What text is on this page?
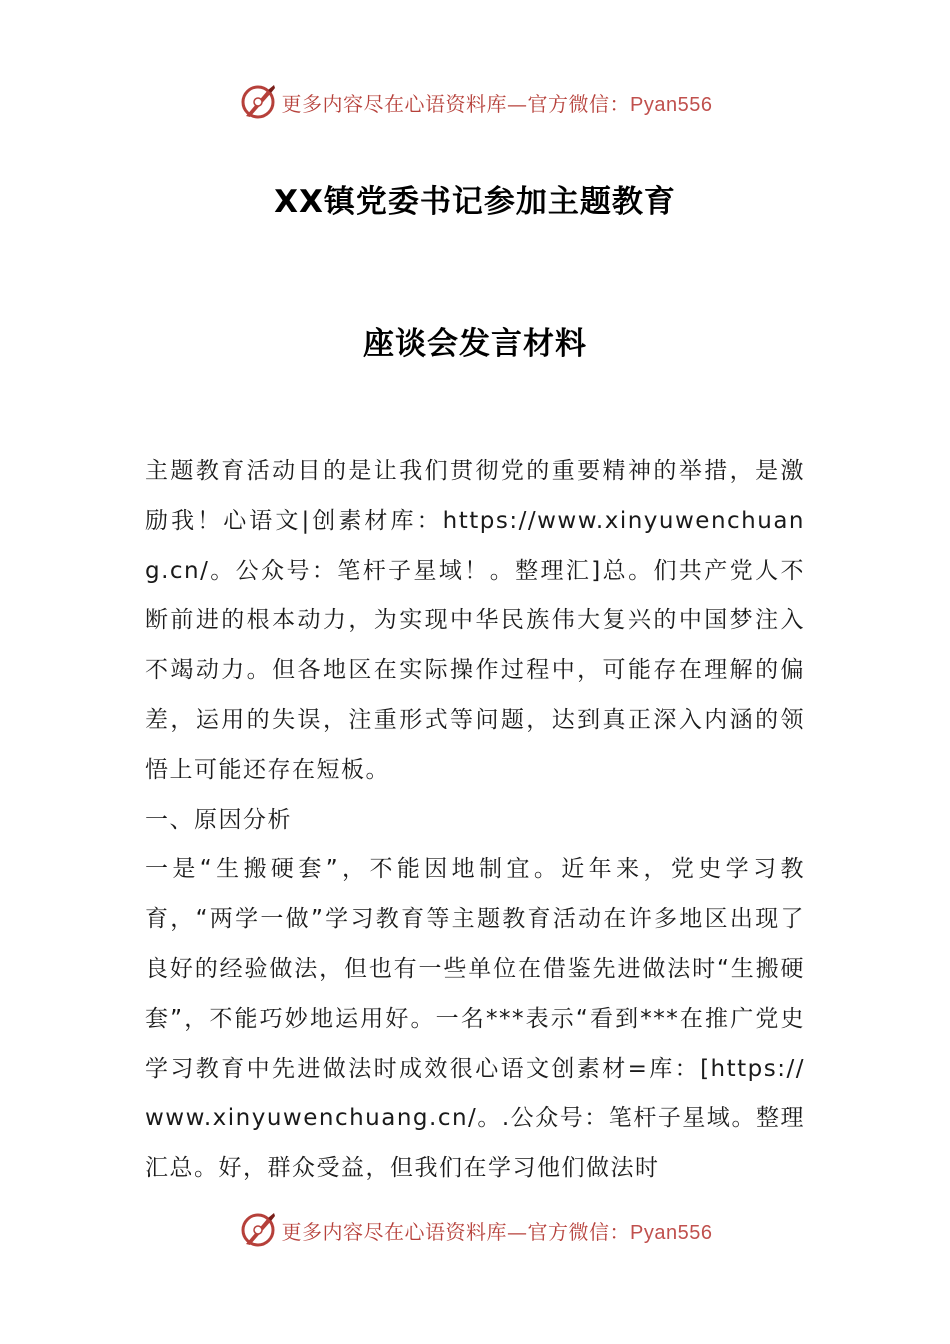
更多内容尽在心语资料库—官方微信：Pyan556
XX镇党委书记参加主题教育
座谈会发言材料

主题教育活动目的是让我们贯彻党的重要精神的举措，是激励我！心语文|创素材库：https://www.xinyuwenchuang.cn/。公众号：笔杆子星域！。整理汇]总。们共产党人不断前进的根本动力，为实现中华民族伟大复兴的中国梦注入不竭动力。但各地区在实际操作过程中，可能存在理解的偏差，运用的失误，注重形式等问题，达到真正深入内涵的领悟上可能还存在短板。

一、原因分析

一是“生搬硬套”，不能因地制宜。近年来，党史学习教育，“两学一做”学习教育等主题教育活动在许多地区出现了良好的经验做法，但也有一些单位在借鉴先进做法时“生搬硬套”，不能巧妙地运用好。一名***表示“看到***在推广党史学习教育中先进做法时成效很心语文创素材=库：[https://www.xinyuwenchuang.cn/。.公众号：笔杆子星域。整理汇总。好，群众受益，但我们在学习他们做法时

更多内容尽在心语资料库—官方微信：Pyan556
